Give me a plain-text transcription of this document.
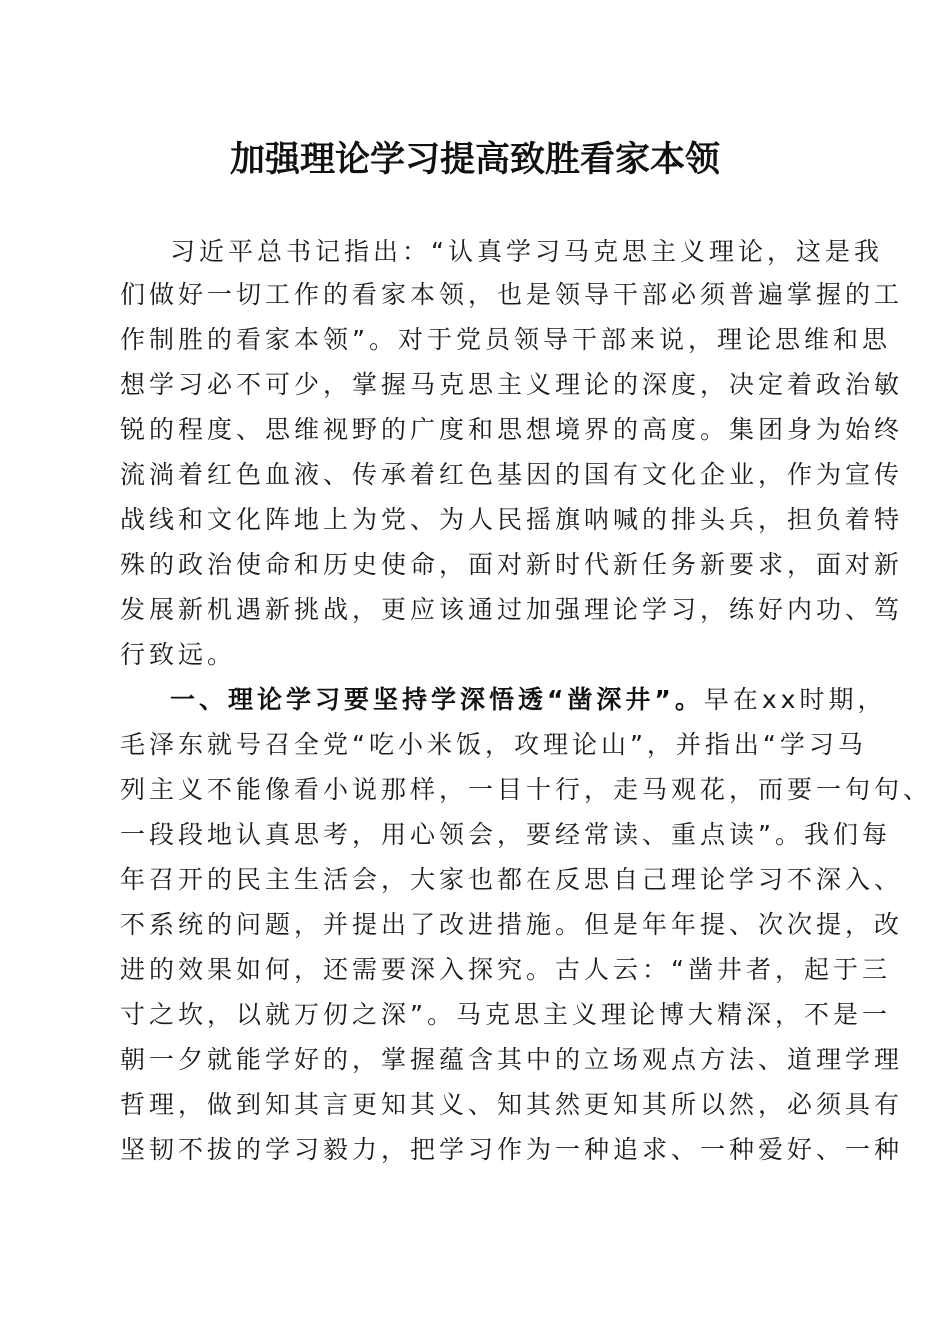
加强理论学习提高致胜看家本领
习近平总书记指出：“认真学习马克思主义理论，这是我
们做好一切工作的看家本领，也是领导干部必须普遍掌握的工
作制胜的看家本领”。对于党员领导干部来说，理论思维和思
想学习必不可少，掌握马克思主义理论的深度，决定着政治敏
锐的程度、思维视野的广度和思想境界的高度。集团身为始终
流淌着红色血液、传承着红色基因的国有文化企业，作为宣传
战线和文化阵地上为党、为人民摇旗呐喊的排头兵，担负着特
殊的政治使命和历史使命，面对新时代新任务新要求，面对新
发展新机遇新挑战，更应该通过加强理论学习，练好内功、笃
行致远。
一、理论学习要坚持学深悟透“凿深井”。早在xx时期，
毛泽东就号召全党“吃小米饭，攻理论山”，并指出“学习马
列主义不能像看小说那样，一目十行，走马观花，而要一句句、
一段段地认真思考，用心领会，要经常读、重点读”。我们每
年召开的民主生活会，大家也都在反思自己理论学习不深入、
不系统的问题，并提出了改进措施。但是年年提、次次提，改
进的效果如何，还需要深入探究。古人云：“凿井者，起于三
寸之坎，以就万仞之深”。马克思主义理论博大精深，不是一
朝一夕就能学好的，掌握蕴含其中的立场观点方法、道理学理
哲理，做到知其言更知其义、知其然更知其所以然，必须具有
坚韧不拔的学习毅力，把学习作为一种追求、一种爱好、一种
